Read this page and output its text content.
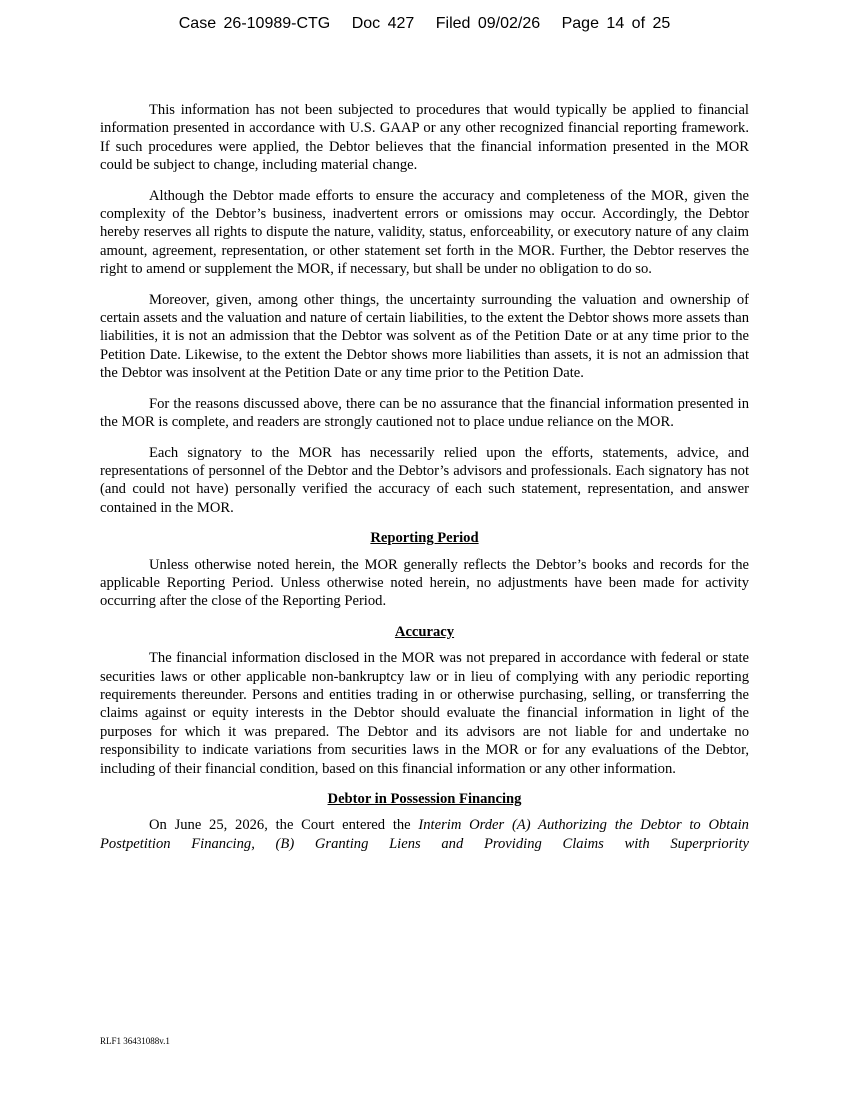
Case 26-10989-CTG Doc 427 Filed 09/02/26 Page 14 of 25

This information has not been subjected to procedures that would typically be applied to financial information presented in accordance with U.S. GAAP or any other recognized financial reporting framework. If such procedures were applied, the Debtor believes that the financial information presented in the MOR could be subject to change, including material change.

Although the Debtor made efforts to ensure the accuracy and completeness of the MOR, given the complexity of the Debtor’s business, inadvertent errors or omissions may occur. Accordingly, the Debtor hereby reserves all rights to dispute the nature, validity, status, enforceability, or executory nature of any claim amount, agreement, representation, or other statement set forth in the MOR. Further, the Debtor reserves the right to amend or supplement the MOR, if necessary, but shall be under no obligation to do so.

Moreover, given, among other things, the uncertainty surrounding the valuation and ownership of certain assets and the valuation and nature of certain liabilities, to the extent the Debtor shows more assets than liabilities, it is not an admission that the Debtor was solvent as of the Petition Date or at any time prior to the Petition Date. Likewise, to the extent the Debtor shows more liabilities than assets, it is not an admission that the Debtor was insolvent at the Petition Date or any time prior to the Petition Date.

For the reasons discussed above, there can be no assurance that the financial information presented in the MOR is complete, and readers are strongly cautioned not to place undue reliance on the MOR.

Each signatory to the MOR has necessarily relied upon the efforts, statements, advice, and representations of personnel of the Debtor and the Debtor’s advisors and professionals. Each signatory has not (and could not have) personally verified the accuracy of each such statement, representation, and answer contained in the MOR.

Reporting Period

Unless otherwise noted herein, the MOR generally reflects the Debtor’s books and records for the applicable Reporting Period. Unless otherwise noted herein, no adjustments have been made for activity occurring after the close of the Reporting Period.

Accuracy

The financial information disclosed in the MOR was not prepared in accordance with federal or state securities laws or other applicable non-bankruptcy law or in lieu of complying with any periodic reporting requirements thereunder. Persons and entities trading in or otherwise purchasing, selling, or transferring the claims against or equity interests in the Debtor should evaluate the financial information in light of the purposes for which it was prepared. The Debtor and its advisors are not liable for and undertake no responsibility to indicate variations from securities laws in the MOR or for any evaluations of the Debtor, including of their financial condition, based on this financial information or any other information.

Debtor in Possession Financing

On June 25, 2026, the Court entered the Interim Order (A) Authorizing the Debtor to Obtain Postpetition Financing, (B) Granting Liens and Providing Claims with Superpriority

RLF1 36431088v.1
